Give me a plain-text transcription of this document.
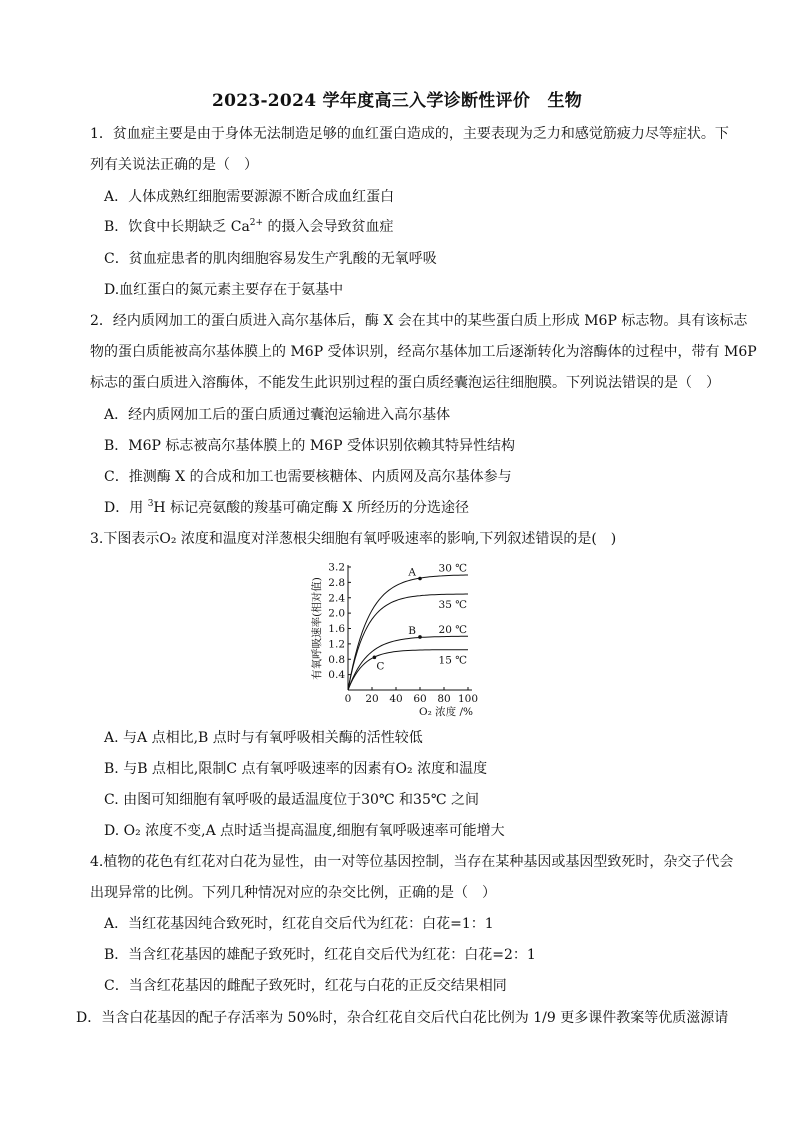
2023-2024 学年度高三入学诊断性评价　生物
1．贫血症主要是由于身体无法制造足够的血红蛋白造成的，主要表现为乏力和感觉筋疲力尽等症状。下
列有关说法正确的是（　）
A．人体成熟红细胞需要源源不断合成血红蛋白
B．饮食中长期缺乏 $Ca^{2+}$ 的摄入会导致贫血症
C．贫血症患者的肌肉细胞容易发生产乳酸的无氧呼吸
D.血红蛋白的氮元素主要存在于氨基中
2．经内质网加工的蛋白质进入高尔基体后，酶 X 会在其中的某些蛋白质上形成 M6P 标志物。具有该标志
物的蛋白质能被高尔基体膜上的 M6P 受体识别，经高尔基体加工后逐渐转化为溶酶体的过程中，带有 M6P
标志的蛋白质进入溶酶体，不能发生此识别过程的蛋白质经囊泡运往细胞膜。下列说法错误的是（　）
A．经内质网加工后的蛋白质通过囊泡运输进入高尔基体
B．M6P 标志被高尔基体膜上的 M6P 受体识别依赖其特异性结构
C．推测酶 X 的合成和加工也需要核糖体、内质网及高尔基体参与
D．用 $^3$H 标记亮氨酸的羧基可确定酶 X 所经历的分选途径
3.下图表示O₂ 浓度和温度对洋葱根尖细胞有氧呼吸速率的影响,下列叙述错误的是(　)
0 20 40 60 80 100
0.4
0.8
1.2
1.6
2.0
2.4
2.8
3.2
O₂ 浓度 /%
有氧呼吸速率(相对值)
30 ℃
35 ℃
20 ℃
15 ℃
A
B
C
A. 与A 点相比,B 点时与有氧呼吸相关酶的活性较低
B. 与B 点相比,限制C 点有氧呼吸速率的因素有O₂ 浓度和温度
C. 由图可知细胞有氧呼吸的最适温度位于30℃ 和35℃ 之间
D. O₂ 浓度不变,A 点时适当提高温度,细胞有氧呼吸速率可能增大
4.植物的花色有红花对白花为显性，由一对等位基因控制，当存在某种基因或基因型致死时，杂交子代会
出现异常的比例。下列几种情况对应的杂交比例，正确的是（　）
A．当红花基因纯合致死时，红花自交后代为红花：白花=1：1
B．当含红花基因的雄配子致死时，红花自交后代为红花：白花=2：1
C．当含红花基因的雌配子致死时，红花与白花的正反交结果相同
D．当含白花基因的配子存活率为 50%时，杂合红花自交后代白花比例为 1/9 更多课件教案等优质滋源请
